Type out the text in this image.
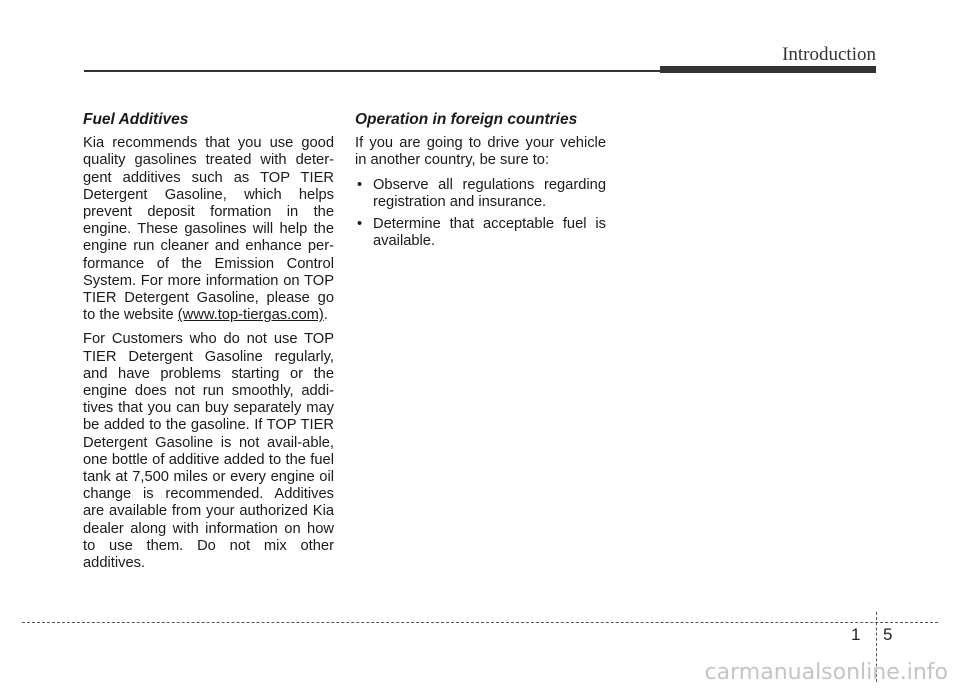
Introduction
Fuel Additives

Kia recommends that you use good quality gasolines treated with deter-gent additives such as TOP TIER Detergent Gasoline, which helps prevent deposit formation in the engine. These gasolines will help the engine run cleaner and enhance per-formance of the Emission Control System. For more information on TOP TIER Detergent Gasoline, please go to the website (www.top-tiergas.com).

For Customers who do not use TOP TIER Detergent Gasoline regularly, and have problems starting or the engine does not run smoothly, addi-tives that you can buy separately may be added to the gasoline. If TOP TIER Detergent Gasoline is not avail-able, one bottle of additive added to the fuel tank at 7,500 miles or every engine oil change is recommended. Additives are available from your authorized Kia dealer along with information on how to use them. Do not mix other additives.

Operation in foreign countries

If you are going to drive your vehicle in another country, be sure to:

• Observe all regulations regarding registration and insurance.
• Determine that acceptable fuel is available.
1 5
carmanualsonline.info
